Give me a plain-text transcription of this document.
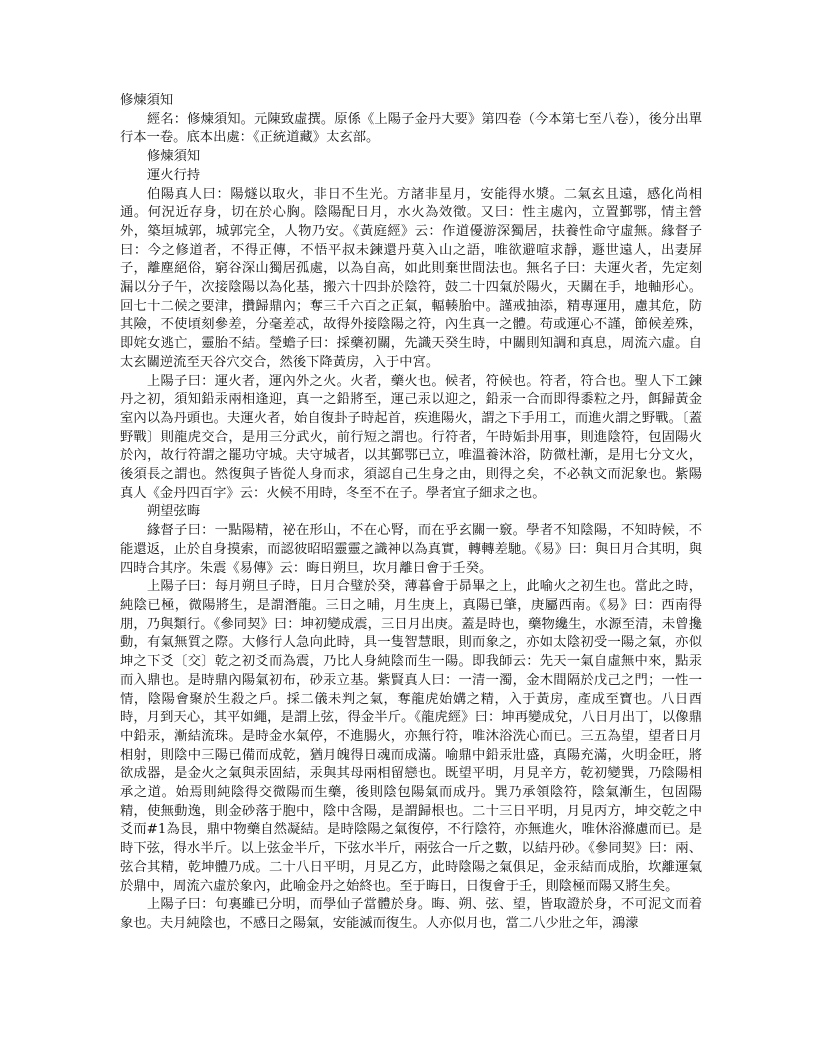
修煉須知

經名：修煉須知。元陳致虛撰。原係《上陽子金丹大要》第四卷（今本第七至八卷），後分出單行本一卷。底本出處：《正統道藏》太玄部。

修煉須知

運火行持

伯陽真人曰：陽燧以取火，非日不生光。方諸非星月，安能得水漿。二氣玄且遠，感化尚相通。何況近存身，切在於心胸。陰陽配日月，水火為效徵。又曰：性主處內，立置鄞鄂，情主營外，築垣城郭，城郭完全，人物乃安。《黃庭經》云：作道優游深獨居，扶養性命守虛無。緣督子曰：今之修道者，不得正傳，不悟平叔未鍊還丹莫入山之語，唯欲避喧求靜，遯世遠人，出妻屏子，離塵絕俗，窮谷深山獨居孤處，以為自高，如此則棄世間法也。無名子曰：夫運火者，先定刻漏以分子午，次接陰陽以為化基，搬六十四卦於陰符，鼓二十四氣於陽火，天關在手，地軸形心。回七十二候之要津，攢歸鼎內；奪三千六百之正氣，輻輳胎中。謹戒抽添，精專運用，慮其危，防其險，不使頃刻參差，分毫差忒，故得外接陰陽之符，內生真一之體。苟或運心不謹，節候差殊，即姹女逃亡，靈胎不結。瑩蟾子曰：採藥初關，先識天癸生時，中關則知調和真息，周流六虛。自太玄關逆流至天谷穴交合，然後下降黃房，入于中宮。

上陽子曰：運火者，運內外之火。火者，藥火也。候者，符候也。符者，符合也。聖人下工鍊丹之初，須知鉛汞兩相逢迎，真一之鉛將至，運己汞以迎之，鉛汞一合而即得黍粒之丹，餌歸黃金室內以為丹頭也。夫運火者，始自復卦子時起首，疾進陽火，謂之下手用工，而進火謂之野戰。〔蓋野戰〕則龍虎交合，是用三分武火，前行短之謂也。行符者，午時姤卦用事，則進陰符，包固陽火於內，故行符謂之罷功守城。夫守城者，以其鄞鄂已立，唯溫養沐浴，防微杜漸，是用七分文火，後須長之謂也。然復與子皆從人身而求，須認自己生身之由，則得之矣，不必執文而泥象也。紫陽真人《金丹四百字》云：火候不用時，冬至不在子。學者宜子細求之也。

朔望弦晦

緣督子曰：一點陽精，祕在形山，不在心腎，而在乎玄關一竅。學者不知陰陽，不知時候，不能還返，止於自身摸索，而認彼昭昭靈靈之識神以為真實，轉轉差馳。《易》曰：與日月合其明，與四時合其序。朱震《易傳》云：晦日朔旦，坎月離日會于壬癸。

上陽子曰：每月朔旦子時，日月合璧於癸，薄暮會于昴畢之上，此喻火之初生也。當此之時，純陰已極，微陽將生，是謂潛龍。三日之晡，月生庚上，真陽已肇，庚屬西南。《易》曰：西南得朋，乃與類行。《參同契》曰：坤初變成震，三日月出庚。蓋是時也，藥物纔生，水源至清，未曾攙動，有氣無質之際。大修行人急向此時，具一隻智慧眼，則而象之，亦如太陰初受一陽之氣，亦似坤之下爻〔交〕乾之初爻而為震，乃比人身純陰而生一陽。即我師云：先天一氣自虛無中來，點汞而入鼎也。是時鼎內陽氣初布，砂汞立基。紫賢真人曰：一清一濁，金木間隔於戊己之門；一性一情，陰陽會聚於生殺之戶。採二儀未判之氣，奪龍虎始媾之精，入于黃房，產成至寶也。八日酉時，月到天心，其平如繩，是謂上弦，得金半斤。《龍虎經》曰：坤再變成兌，八日月出丁，以像鼎中鉛汞，漸結流珠。是時金水氣停，不進腸火，亦無行符，唯沐浴洗心而已。三五為望，望者日月相射，則陰中三陽已備而成乾，猶月魄得日魂而成滿。喻鼎中鉛汞壯盛，真陽充滿，火明金旺，將欲成器，是金火之氣與汞固結，汞與其母兩相留戀也。既望平明，月見辛方，乾初變巽，乃陰陽相承之道。始焉則純陰得交微陽而生藥，後則陰包陽氣而成丹。巽乃承領陰符，陰氣漸生，包固陽精，使無動逸，則金砂落于胞中，陰中含陽，是謂歸根也。二十三日平明，月見丙方，坤交乾之中爻而#1為艮，鼎中物藥自然凝結。是時陰陽之氣復停，不行陰符，亦無進火，唯休浴滌慮而已。是時下弦，得水半斤。以上弦金半斤，下弦水半斤，兩弦合一斤之數，以結丹砂。《參同契》曰：兩、弦合其精，乾坤體乃成。二十八日平明，月見乙方，此時陰陽之氣俱足，金汞結而成胎，坎離運氣於鼎中，周流六虛於象內，此喻金丹之始終也。至于晦日，日復會于壬，則陰極而陽又將生矣。

上陽子曰：句裏雖已分明，而學仙子當體於身。晦、朔、弦、望，皆取證於身，不可泥文而着象也。夫月純陰也，不感日之陽氣，安能滅而復生。人亦似月也，當二八少壯之年，鴻濛
